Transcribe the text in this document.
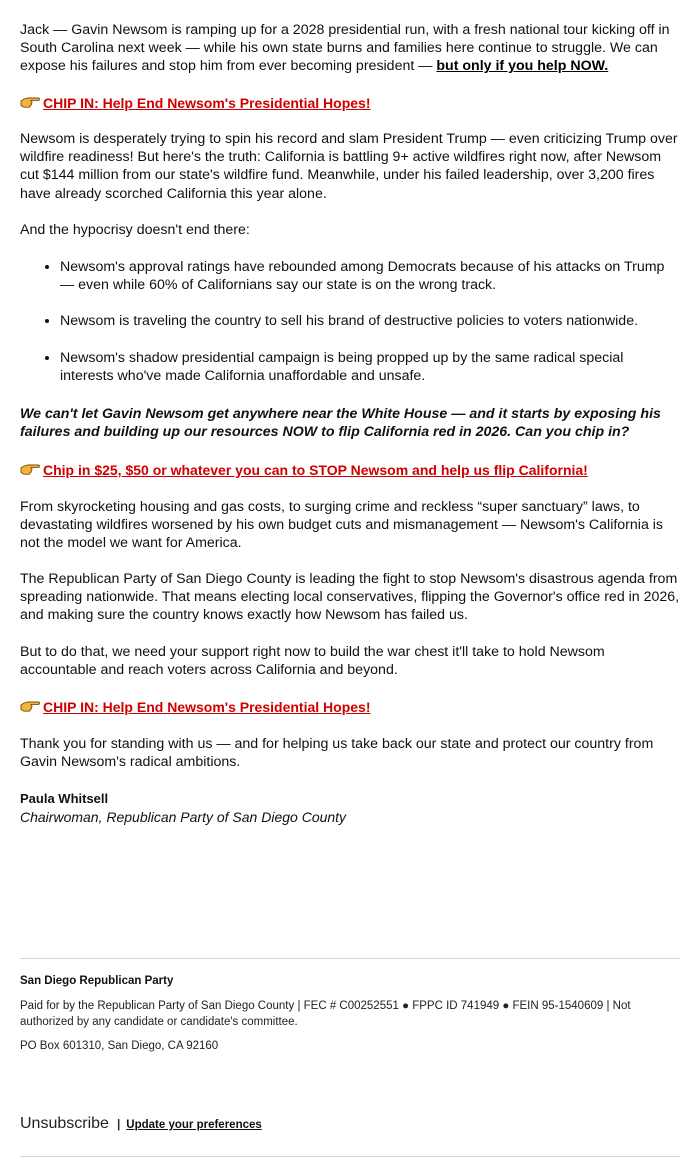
Jack — Gavin Newsom is ramping up for a 2028 presidential run, with a fresh national tour kicking off in South Carolina next week — while his own state burns and families here continue to struggle. We can expose his failures and stop him from ever becoming president — but only if you help NOW.

CHIP IN: Help End Newsom's Presidential Hopes!

Newsom is desperately trying to spin his record and slam President Trump — even criticizing Trump over wildfire readiness! But here's the truth: California is battling 9+ active wildfires right now, after Newsom cut $144 million from our state's wildfire fund. Meanwhile, under his failed leadership, over 3,200 fires have already scorched California this year alone.

And the hypocrisy doesn't end there:

• Newsom's approval ratings have rebounded among Democrats because of his attacks on Trump — even while 60% of Californians say our state is on the wrong track.
• Newsom is traveling the country to sell his brand of destructive policies to voters nationwide.
• Newsom's shadow presidential campaign is being propped up by the same radical special interests who've made California unaffordable and unsafe.

We can't let Gavin Newsom get anywhere near the White House — and it starts by exposing his failures and building up our resources NOW to flip California red in 2026. Can you chip in?

Chip in $25, $50 or whatever you can to STOP Newsom and help us flip California!

From skyrocketing housing and gas costs, to surging crime and reckless “super sanctuary” laws, to devastating wildfires worsened by his own budget cuts and mismanagement — Newsom's California is not the model we want for America.

The Republican Party of San Diego County is leading the fight to stop Newsom's disastrous agenda from spreading nationwide. That means electing local conservatives, flipping the Governor's office red in 2026, and making sure the country knows exactly how Newsom has failed us.

But to do that, we need your support right now to build the war chest it'll take to hold Newsom accountable and reach voters across California and beyond.

CHIP IN: Help End Newsom's Presidential Hopes!

Thank you for standing with us — and for helping us take back our state and protect our country from Gavin Newsom's radical ambitions.

Paula Whitsell
Chairwoman, Republican Party of San Diego County
San Diego Republican Party
Paid for by the Republican Party of San Diego County | FEC # C00252551 ● FPPC ID 741949 ● FEIN 95-1540609 | Not authorized by any candidate or candidate's committee.
PO Box 601310, San Diego, CA 92160
Unsubscribe | Update your preferences
